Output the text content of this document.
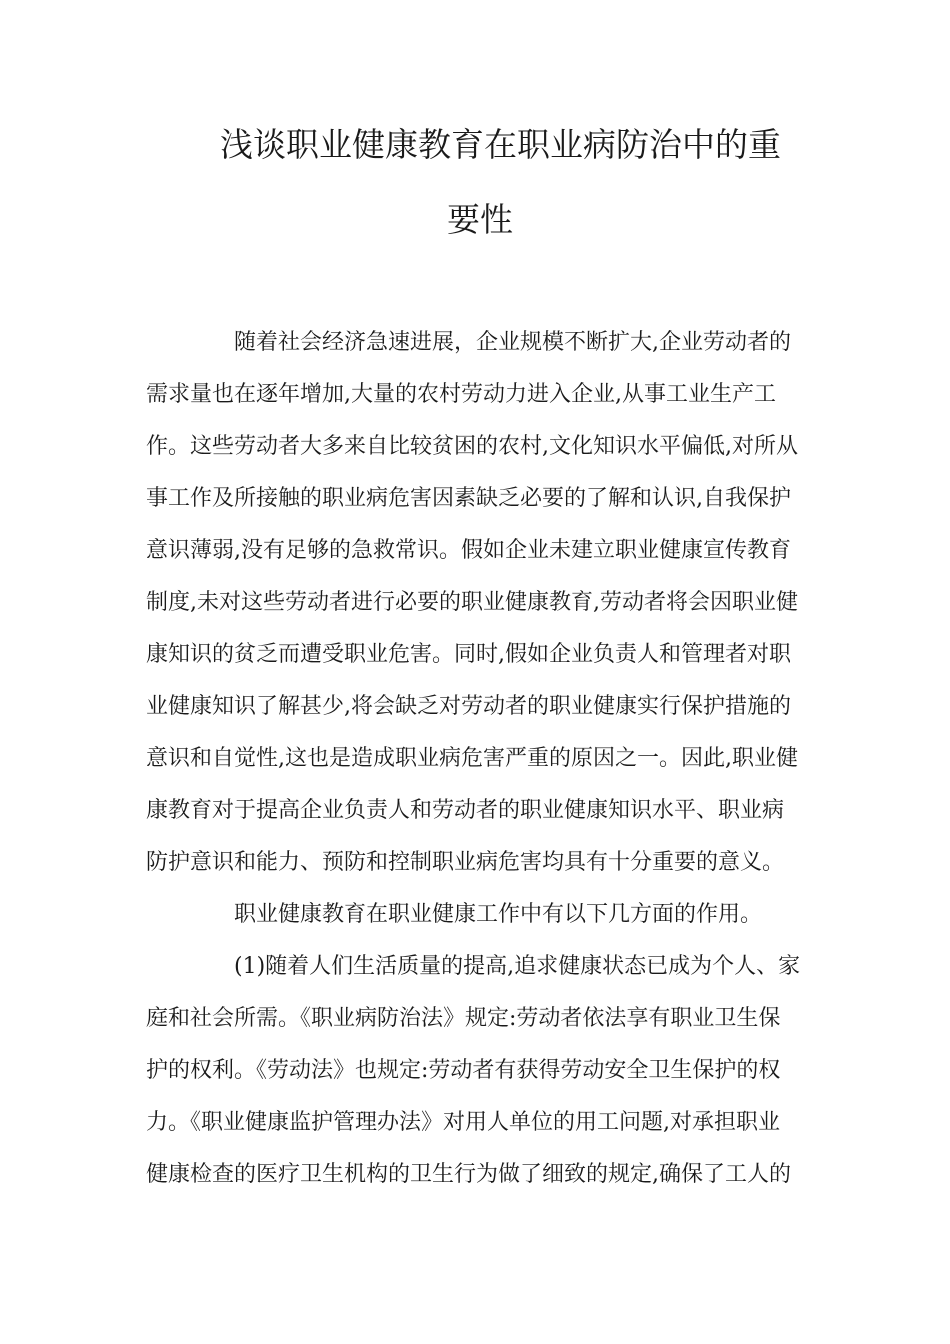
浅谈职业健康教育在职业病防治中的重
要性

随着社会经济急速进展，企业规模不断扩大,企业劳动者的

需求量也在逐年增加,大量的农村劳动力进入企业,从事工业生产工

作。这些劳动者大多来自比较贫困的农村,文化知识水平偏低,对所从

事工作及所接触的职业病危害因素缺乏必要的了解和认识,自我保护

意识薄弱,没有足够的急救常识。假如企业未建立职业健康宣传教育

制度,未对这些劳动者进行必要的职业健康教育,劳动者将会因职业健

康知识的贫乏而遭受职业危害。同时,假如企业负责人和管理者对职

业健康知识了解甚少,将会缺乏对劳动者的职业健康实行保护措施的

意识和自觉性,这也是造成职业病危害严重的原因之一。因此,职业健

康教育对于提高企业负责人和劳动者的职业健康知识水平、职业病

防护意识和能力、预防和控制职业病危害均具有十分重要的意义。

职业健康教育在职业健康工作中有以下几方面的作用。

(1)随着人们生活质量的提高,追求健康状态已成为个人、家

庭和社会所需。《职业病防治法》规定:劳动者依法享有职业卫生保

护的权利。《劳动法》也规定:劳动者有获得劳动安全卫生保护的权

力。《职业健康监护管理办法》对用人单位的用工问题,对承担职业

健康检查的医疗卫生机构的卫生行为做了细致的规定,确保了工人的
